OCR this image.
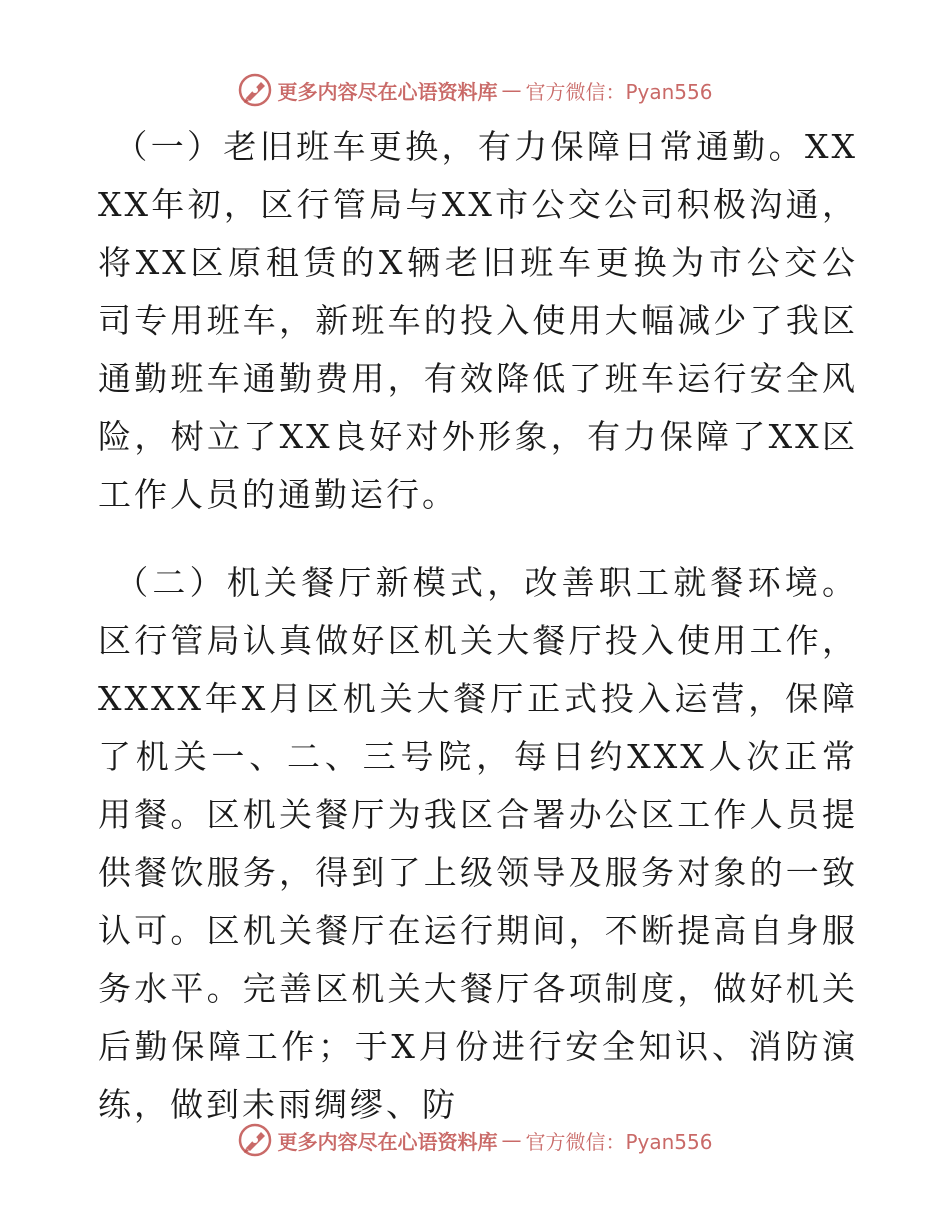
更多内容尽在心语资料库 — 官方微信：Pyan556

（一）老旧班车更换，有力保障日常通勤。XXXX年初，区行管局与XX市公交公司积极沟通，将XX区原租赁的X辆老旧班车更换为市公交公司专用班车，新班车的投入使用大幅减少了我区通勤班车通勤费用，有效降低了班车运行安全风险，树立了XX良好对外形象，有力保障了XX区工作人员的通勤运行。

（二）机关餐厅新模式，改善职工就餐环境。区行管局认真做好区机关大餐厅投入使用工作，XXXX年X月区机关大餐厅正式投入运营，保障了机关一、二、三号院，每日约XXX人次正常用餐。区机关餐厅为我区合署办公区工作人员提供餐饮服务，得到了上级领导及服务对象的一致认可。区机关餐厅在运行期间，不断提高自身服务水平。完善区机关大餐厅各项制度，做好机关后勤保障工作；于X月份进行安全知识、消防演练，做到未雨绸缪、防

更多内容尽在心语资料库 — 官方微信：Pyan556
